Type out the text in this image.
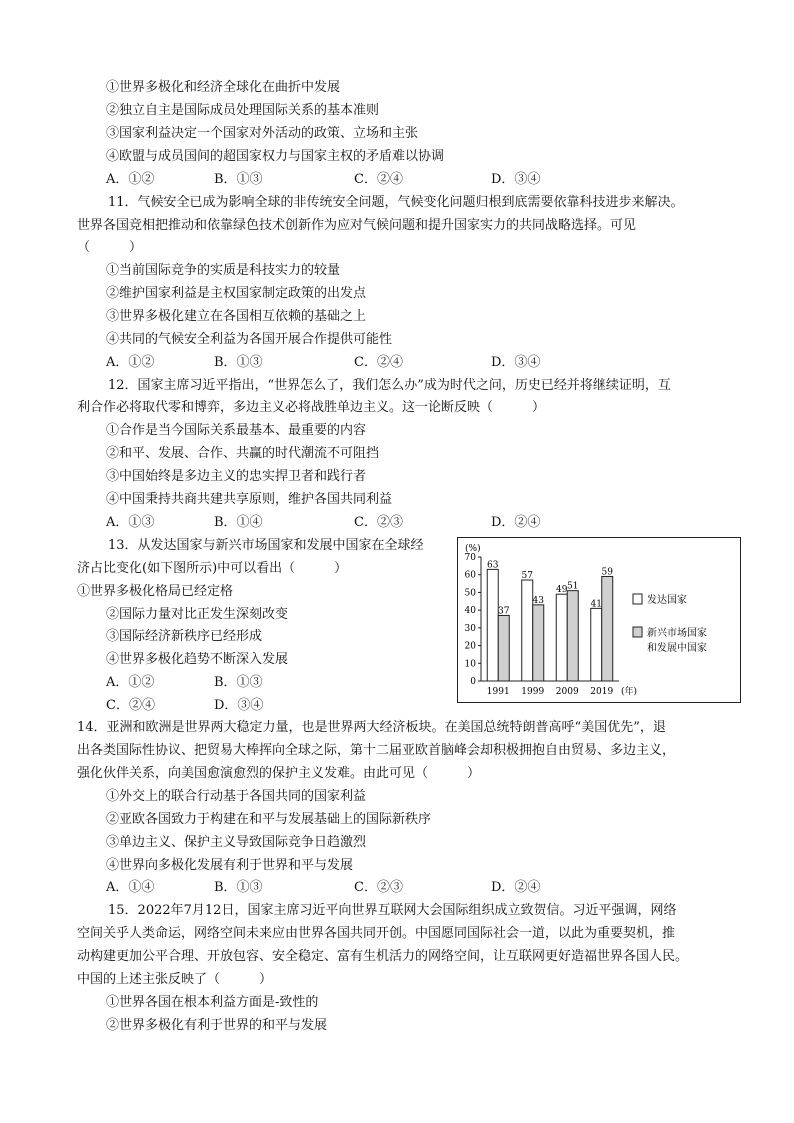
①世界多极化和经济全球化在曲折中发展
②独立自主是国际成员处理国际关系的基本准则
③国家利益决定一个国家对外活动的政策、立场和主张
④欧盟与成员国间的超国家权力与国家主权的矛盾难以协调
A．①②	B．①③	C．②④	D．③④
11．气候安全已成为影响全球的非传统安全问题，气候变化问题归根到底需要依靠科技进步来解决。
世界各国竞相把推动和依靠绿色技术创新作为应对气候问题和提升国家实力的共同战略选择。可见
（　　　）
①当前国际竞争的实质是科技实力的较量
②维护国家利益是主权国家制定政策的出发点
③世界多极化建立在各国相互依赖的基础之上
④共同的气候安全利益为各国开展合作提供可能性
A．①②	B．①③	C．②④	D．③④
12．国家主席习近平指出，“世界怎么了，我们怎么办”成为时代之问，历史已经并将继续证明，互
利合作必将取代零和博弈，多边主义必将战胜单边主义。这一论断反映（　　　）
①合作是当今国际关系最基本、最重要的内容
②和平、发展、合作、共赢的时代潮流不可阻挡
③中国始终是多边主义的忠实捍卫者和践行者
④中国秉持共商共建共享原则，维护各国共同利益
A．①③	B．①④	C．②③	D．②④
13．从发达国家与新兴市场国家和发展中国家在全球经
济占比变化(如下图所示)中可以看出（　　　）
①世界多极化格局已经定格
②国际力量对比正发生深刻改变
③国际经济新秩序已经形成
④世界多极化趋势不断深入发展
A．①②	B．①③
C．②④	D．③④
(%)
0
10
20
30
40
50
60
70
63
37
1991
57
43
1999
49 51
2009
41
59
2019 (年)
发达国家
新兴市场国家
和发展中国家
14．亚洲和欧洲是世界两大稳定力量，也是世界两大经济板块。在美国总统特朗普高呼“美国优先”，退
出各类国际性协议、把贸易大棒挥向全球之际，第十二届亚欧首脑峰会却积极拥抱自由贸易、多边主义，
强化伙伴关系，向美国愈演愈烈的保护主义发难。由此可见（　　　）
①外交上的联合行动基于各国共同的国家利益
②亚欧各国致力于构建在和平与发展基础上的国际新秩序
③单边主义、保护主义导致国际竞争日趋激烈
④世界向多极化发展有利于世界和平与发展
A．①④	B．①③	C．②③	D．②④
15．2022年7月12日，国家主席习近平向世界互联网大会国际组织成立致贺信。习近平强调，网络
空间关乎人类命运，网络空间未来应由世界各国共同开创。中国愿同国际社会一道，以此为重要契机，推
动构建更加公平合理、开放包容、安全稳定、富有生机活力的网络空间，让互联网更好造福世界各国人民。
中国的上述主张反映了（　　　）
①世界各国在根本利益方面是-致性的
②世界多极化有利于世界的和平与发展
